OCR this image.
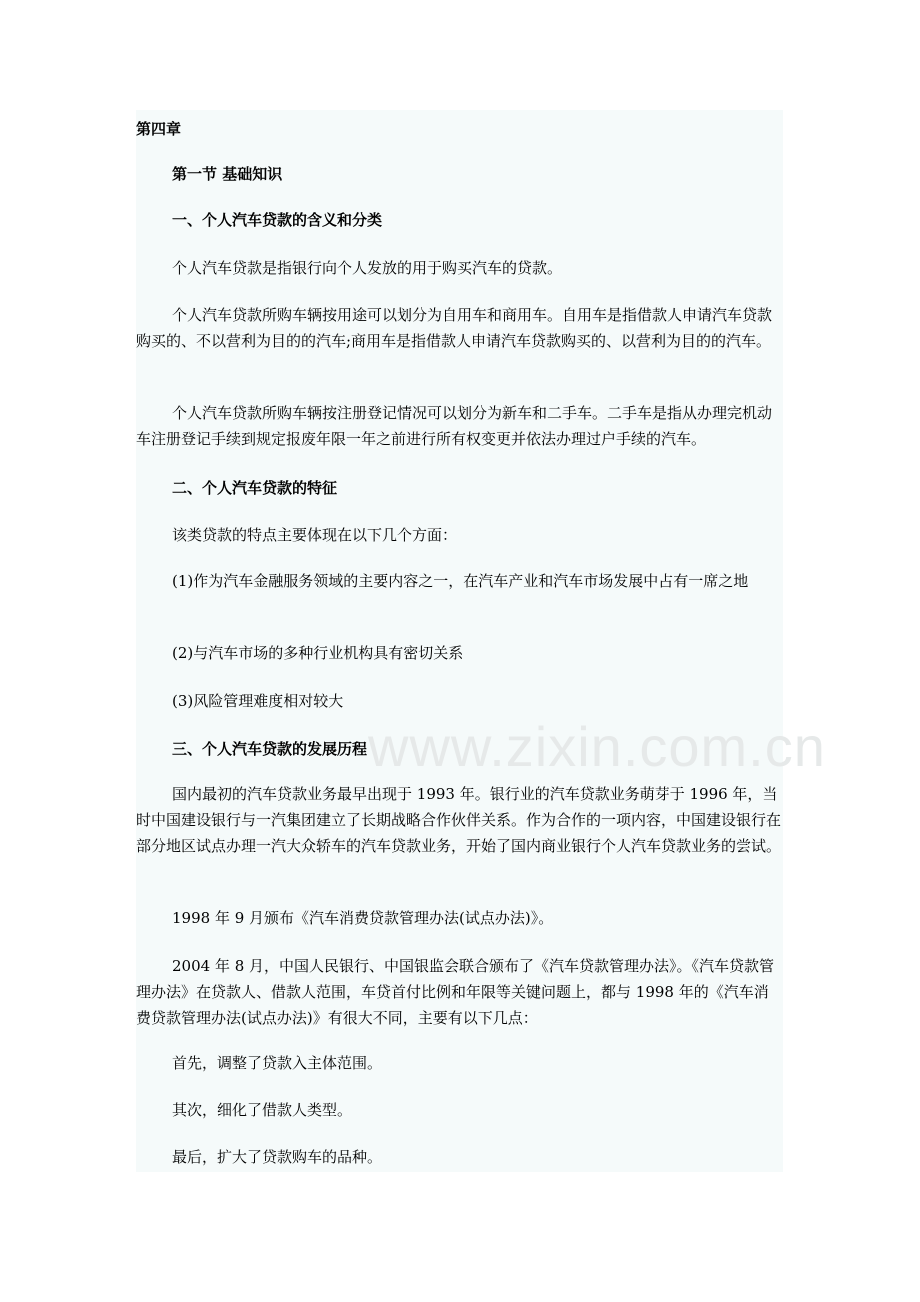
www.zixin.com.cn

第四章

第一节 基础知识

一、个人汽车贷款的含义和分类

个人汽车贷款是指银行向个人发放的用于购买汽车的贷款。

个人汽车贷款所购车辆按用途可以划分为自用车和商用车。自用车是指借款人申请汽车贷款购买的、不以营利为目的的汽车;商用车是指借款人申请汽车贷款购买的、以营利为目的的汽车。

个人汽车贷款所购车辆按注册登记情况可以划分为新车和二手车。二手车是指从办理完机动车注册登记手续到规定报废年限一年之前进行所有权变更并依法办理过户手续的汽车。

二、个人汽车贷款的特征

该类贷款的特点主要体现在以下几个方面：

(1)作为汽车金融服务领域的主要内容之一，在汽车产业和汽车市场发展中占有一席之地

(2)与汽车市场的多种行业机构具有密切关系

(3)风险管理难度相对较大

三、个人汽车贷款的发展历程

国内最初的汽车贷款业务最早出现于 1993 年。银行业的汽车贷款业务萌芽于 1996 年，当时中国建设银行与一汽集团建立了长期战略合作伙伴关系。作为合作的一项内容，中国建设银行在部分地区试点办理一汽大众轿车的汽车贷款业务，开始了国内商业银行个人汽车贷款业务的尝试。

1998 年 9 月颁布《汽车消费贷款管理办法(试点办法)》。

2004 年 8 月，中国人民银行、中国银监会联合颁布了《汽车贷款管理办法》。《汽车贷款管理办法》在贷款人、借款人范围，车贷首付比例和年限等关键问题上，都与 1998 年的《汽车消费贷款管理办法(试点办法)》有很大不同，主要有以下几点：

首先，调整了贷款入主体范围。

其次，细化了借款人类型。

最后，扩大了贷款购车的品种。
